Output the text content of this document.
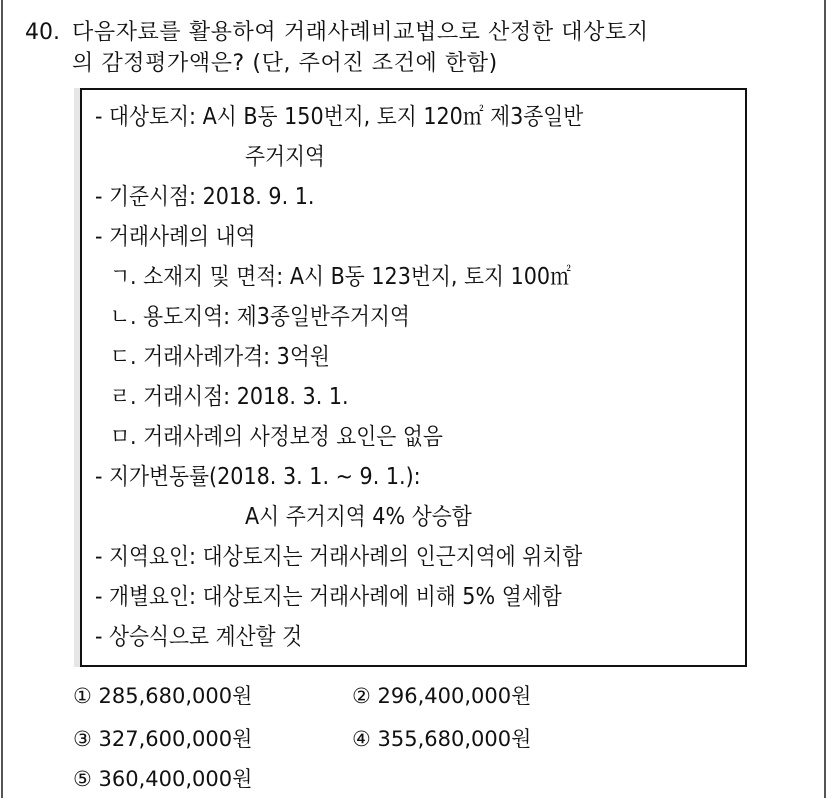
40. 다음자료를 활용하여 거래사례비교법으로 산정한 대상토지
의 감정평가액은? (단, 주어진 조건에 한함)
- 대상토지: A시 B동 150번지, 토지 120㎡ 제3종일반
주거지역
- 기준시점: 2018. 9. 1.
- 거래사례의 내역
ㄱ. 소재지 및 면적: A시 B동 123번지, 토지 100㎡
ㄴ. 용도지역: 제3종일반주거지역
ㄷ. 거래사례가격: 3억원
ㄹ. 거래시점: 2018. 3. 1.
ㅁ. 거래사례의 사정보정 요인은 없음
- 지가변동률(2018. 3. 1. ~ 9. 1.):
A시 주거지역 4% 상승함
- 지역요인: 대상토지는 거래사례의 인근지역에 위치함
- 개별요인: 대상토지는 거래사례에 비해 5% 열세함
- 상승식으로 계산할 것
① 285,680,000원	② 296,400,000원
③ 327,600,000원	④ 355,680,000원
⑤ 360,400,000원
